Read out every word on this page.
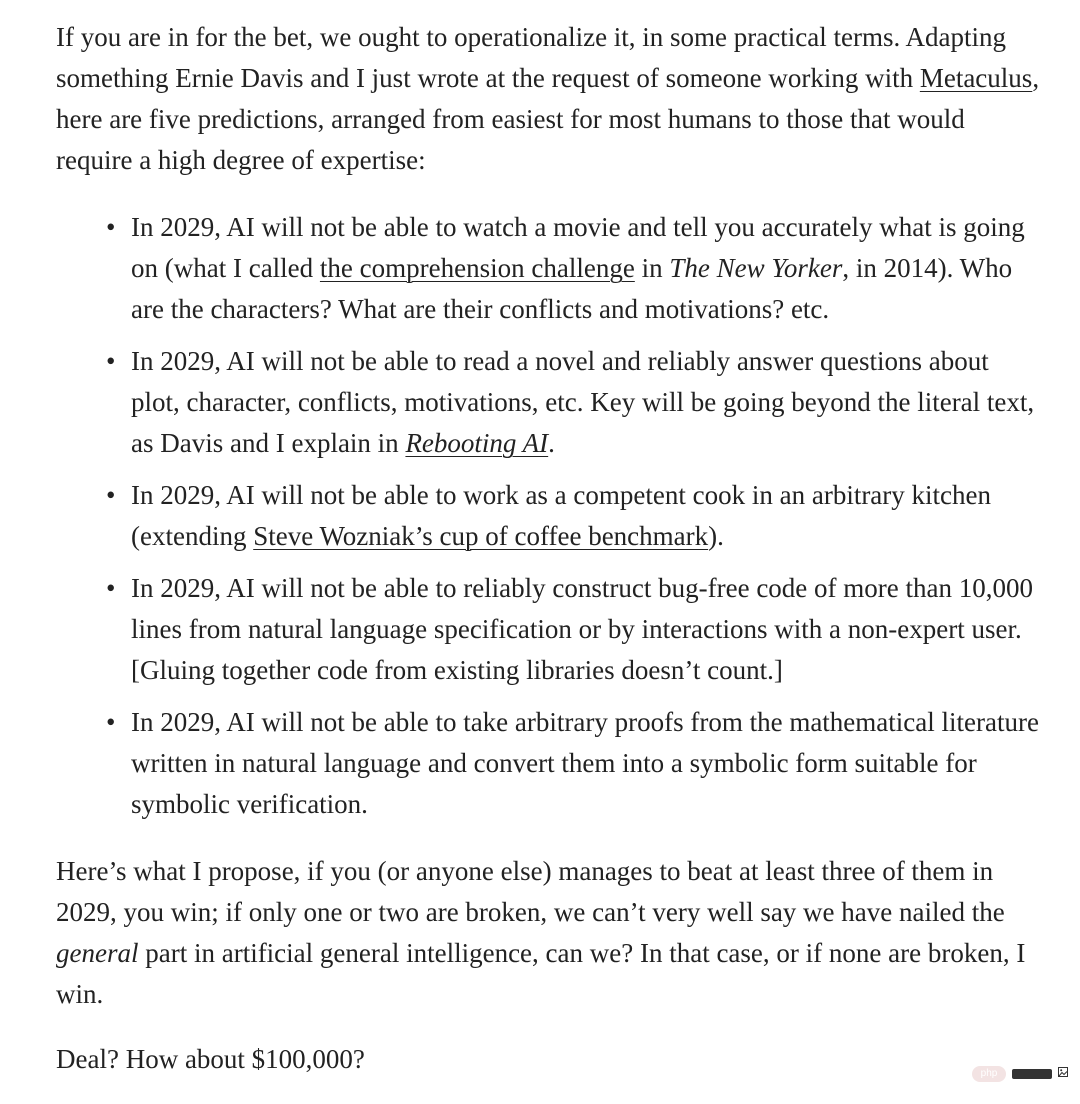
If you are in for the bet, we ought to operationalize it, in some practical terms. Adapting something Ernie Davis and I just wrote at the request of someone working with Metaculus, here are five predictions, arranged from easiest for most humans to those that would require a high degree of expertise:

• In 2029, AI will not be able to watch a movie and tell you accurately what is going on (what I called the comprehension challenge in The New Yorker, in 2014). Who are the characters? What are their conflicts and motivations? etc.
• In 2029, AI will not be able to read a novel and reliably answer questions about plot, character, conflicts, motivations, etc. Key will be going beyond the literal text, as Davis and I explain in Rebooting AI.
• In 2029, AI will not be able to work as a competent cook in an arbitrary kitchen (extending Steve Wozniak’s cup of coffee benchmark).
• In 2029, AI will not be able to reliably construct bug-free code of more than 10,000 lines from natural language specification or by interactions with a non-expert user. [Gluing together code from existing libraries doesn’t count.]
• In 2029, AI will not be able to take arbitrary proofs from the mathematical literature written in natural language and convert them into a symbolic form suitable for symbolic verification.

Here’s what I propose, if you (or anyone else) manages to beat at least three of them in 2029, you win; if only one or two are broken, we can’t very well say we have nailed the general part in artificial general intelligence, can we? In that case, or if none are broken, I win.

Deal? How about $100,000?	php
